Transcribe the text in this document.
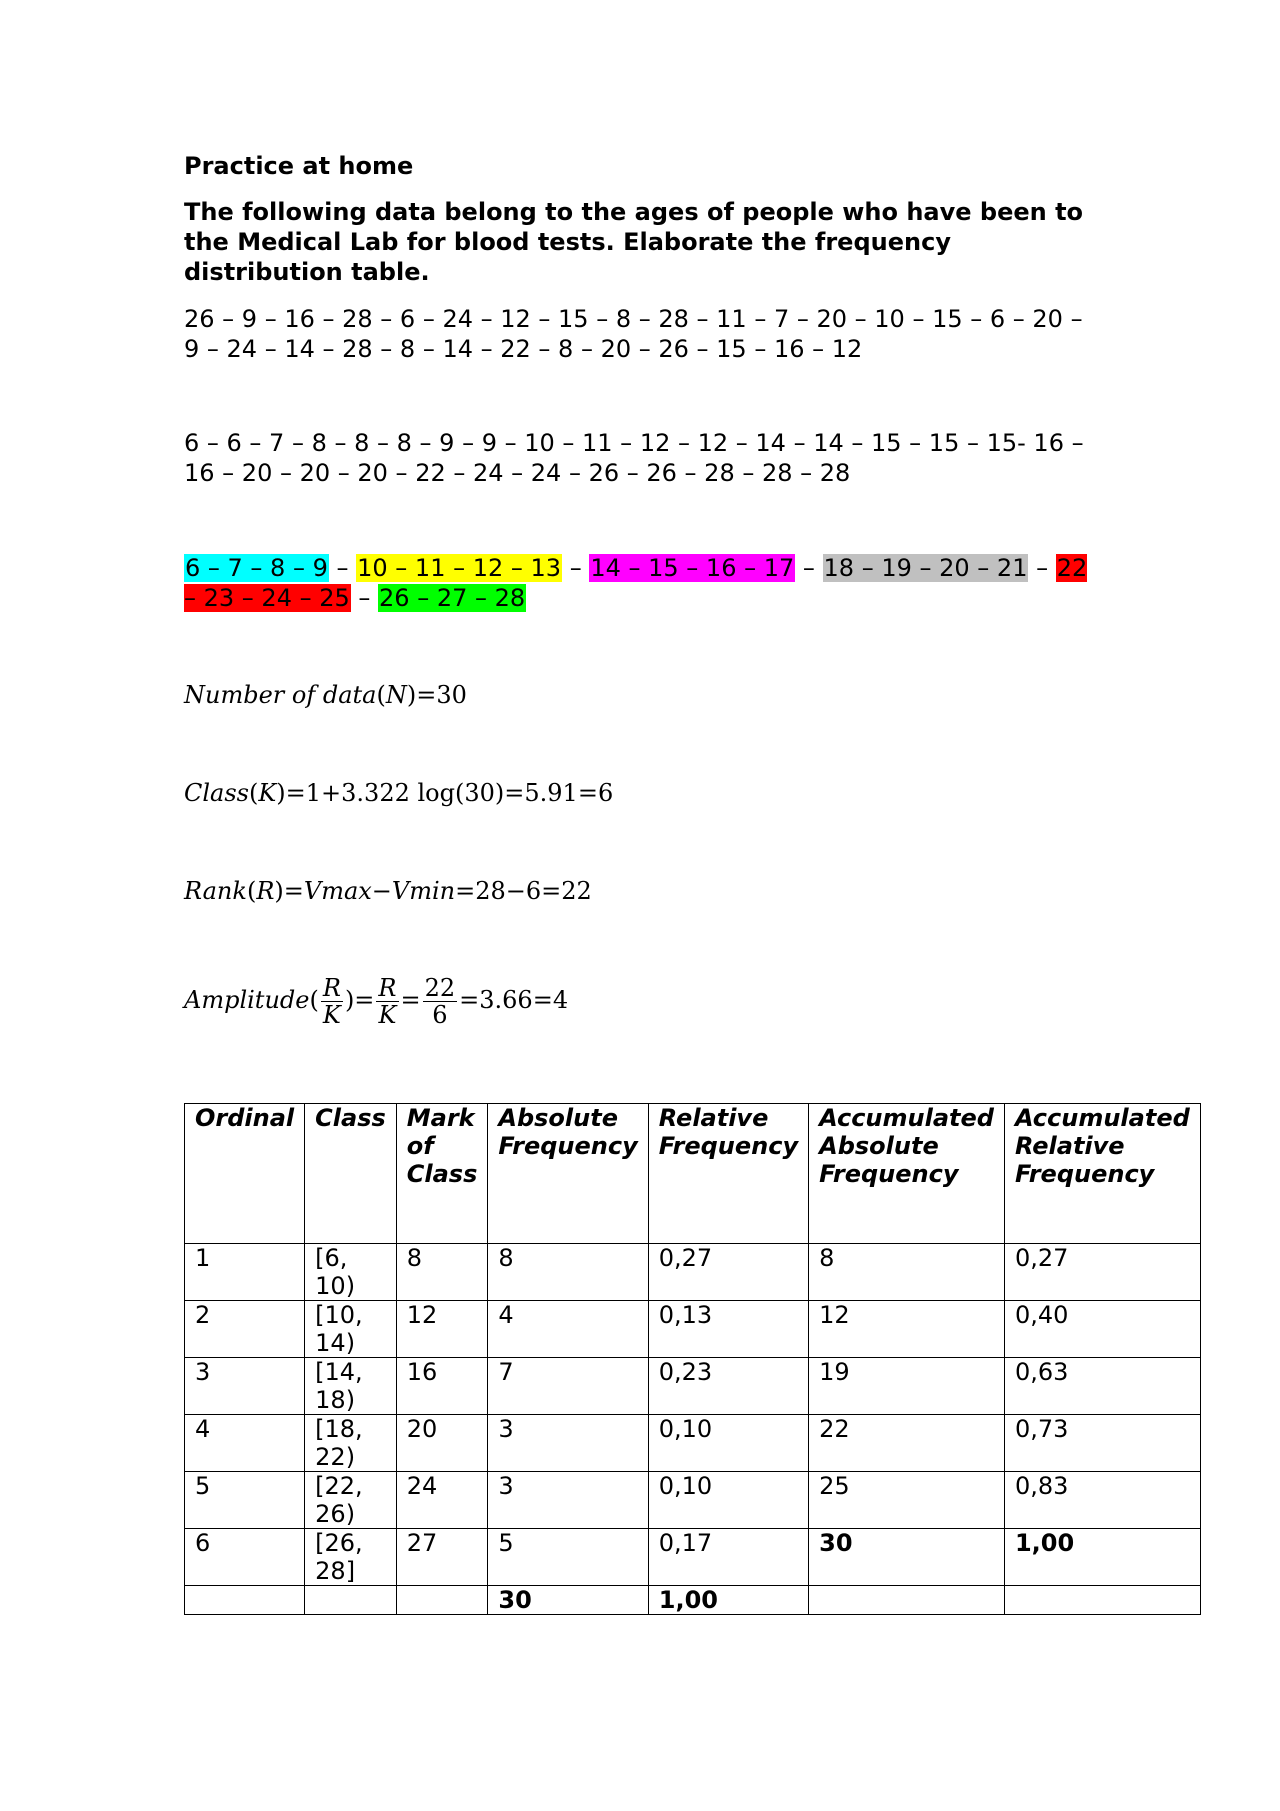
Practice at home

The following data belong to the ages of people who have been to the Medical Lab for blood tests. Elaborate the frequency distribution table.

26 – 9 – 16 – 28 – 6 – 24 – 12 – 15 – 8 – 28 – 11 – 7 – 20 – 10 – 15 – 6 – 20 – 9 – 24 – 14 – 28 – 8 – 14 – 22 – 8 – 20 – 26 – 15 – 16 – 12

6 – 6 – 7 – 8 – 8 – 8 – 9 – 9 – 10 – 11 – 12 – 12 – 14 – 14 – 15 – 15 – 15- 16 – 16 – 20 – 20 – 20 – 22 – 24 – 24 – 26 – 26 – 28 – 28 – 28

6 – 7 – 8 – 9 – 10 – 11 – 12 – 13 – 14 – 15 – 16 – 17 – 18 – 19 – 20 – 21 – 22 – 23 – 24 – 25 – 26 – 27 – 28

Number of data(N)=30
Class(K)=1+3.322 log(30)=5.91=6
Rank(R)=Vmax−Vmin=28−6=22
Amplitude( $\frac{R}{K}$ )= $\frac{R}{K} = \frac{22}{6} =3.66=4$
Ordinal	Class	Mark of Class	Absolute Frequency	Relative Frequency	Accumulated Absolute Frequency	Accumulated Relative Frequency
1	[6, 10)	8	8	0,27	8	0,27
2	[10, 14)	12	4	0,13	12	0,40
3	[14, 18)	16	7	0,23	19	0,63
4	[18, 22)	20	3	0,10	22	0,73
5	[22, 26)	24	3	0,10	25	0,83
6	[26, 28]	27	5	0,17	30	1,00
			30	1,00		
